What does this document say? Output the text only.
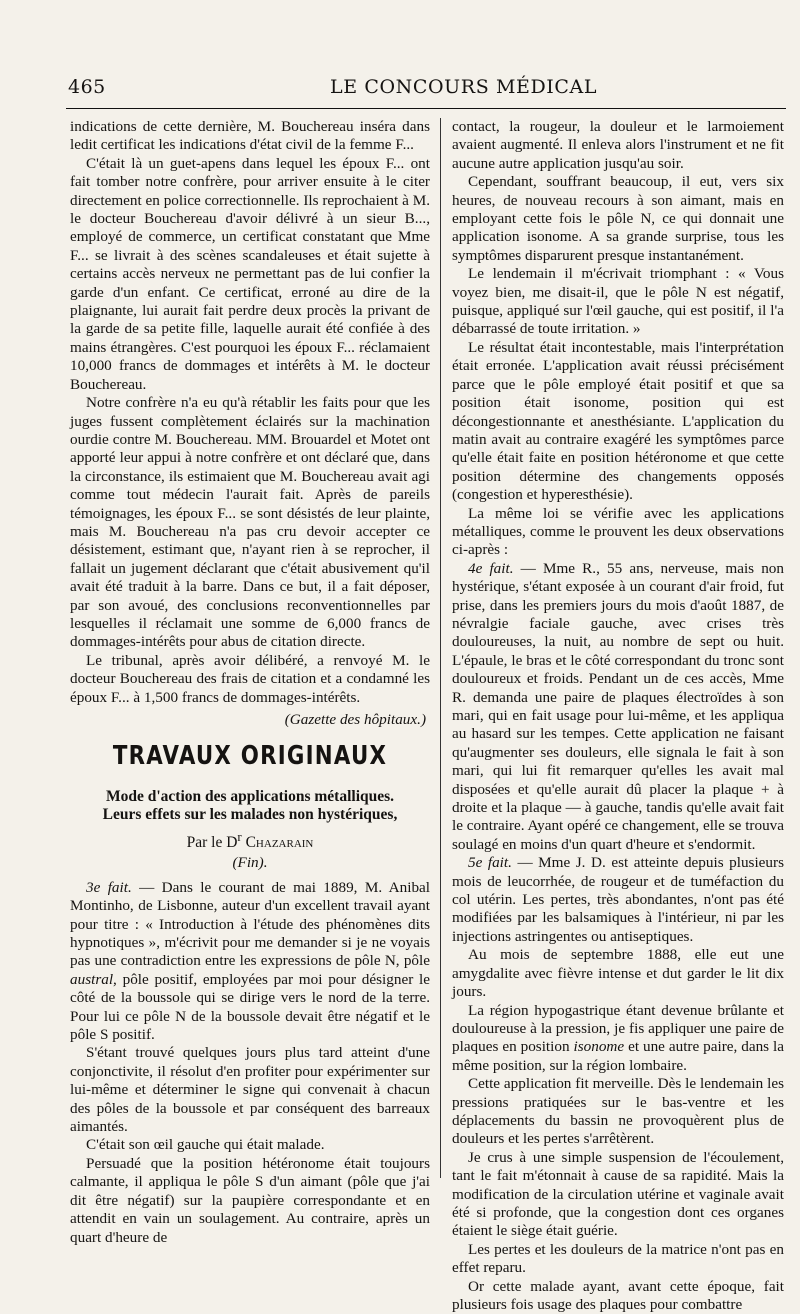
465	LE CONCOURS MÉDICAL

indications de cette dernière, M. Bouchereau inséra dans ledit certificat les indications d'état civil de la femme F...

C'était là un guet-apens dans lequel les époux F... ont fait tomber notre confrère, pour arriver ensuite à le citer directement en police correctionnelle. Ils reprochaient à M. le docteur Bouchereau d'avoir délivré à un sieur B..., employé de commerce, un certificat constatant que Mme F... se livrait à des scènes scandaleuses et était sujette à certains accès nerveux ne permettant pas de lui confier la garde d'un enfant. Ce certificat, erroné au dire de la plaignante, lui aurait fait perdre deux procès la privant de la garde de sa petite fille, laquelle aurait été confiée à des mains étrangères. C'est pourquoi les époux F... réclamaient 10,000 francs de dommages et intérêts à M. le docteur Bouchereau.

Notre confrère n'a eu qu'à rétablir les faits pour que les juges fussent complètement éclairés sur la machination ourdie contre M. Bouchereau. MM. Brouardel et Motet ont apporté leur appui à notre confrère et ont déclaré que, dans la circonstance, ils estimaient que M. Bouchereau avait agi comme tout médecin l'aurait fait. Après de pareils témoignages, les époux F... se sont désistés de leur plainte, mais M. Bouchereau n'a pas cru devoir accepter ce désistement, estimant que, n'ayant rien à se reprocher, il fallait un jugement déclarant que c'était abusivement qu'il avait été traduit à la barre. Dans ce but, il a fait déposer, par son avoué, des conclusions reconventionnelles par lesquelles il réclamait une somme de 6,000 francs de dommages-intérêts pour abus de citation directe.

Le tribunal, après avoir délibéré, a renvoyé M. le docteur Bouchereau des frais de citation et a condamné les époux F... à 1,500 francs de dommages-intérêts.

(Gazette des hôpitaux.)
TRAVAUX ORIGINAUX
Mode d'action des applications métalliques.
Leurs effets sur les malades non hystériques,
Par le $D^r$ Chazarain
(Fin).

3e fait. — Dans le courant de mai 1889, M. Anibal Montinho, de Lisbonne, auteur d'un excellent travail ayant pour titre : « Introduction à l'étude des phénomènes dits hypnotiques », m'écrivit pour me demander si je ne voyais pas une contradiction entre les expressions de pôle N, pôle austral, pôle positif, employées par moi pour désigner le côté de la boussole qui se dirige vers le nord de la terre. Pour lui ce pôle N de la boussole devait être négatif et le pôle S positif.

S'étant trouvé quelques jours plus tard atteint d'une conjonctivite, il résolut d'en profiter pour expérimenter sur lui-même et déterminer le signe qui convenait à chacun des pôles de la boussole et par conséquent des barreaux aimantés.

C'était son œil gauche qui était malade.

Persuadé que la position hétéronome était toujours calmante, il appliqua le pôle S d'un aimant (pôle que j'ai dit être négatif) sur la paupière correspondante et en attendit en vain un soulagement. Au contraire, après un quart d'heure de

contact, la rougeur, la douleur et le larmoiement avaient augmenté. Il enleva alors l'instrument et ne fit aucune autre application jusqu'au soir.

Cependant, souffrant beaucoup, il eut, vers six heures, de nouveau recours à son aimant, mais en employant cette fois le pôle N, ce qui donnait une application isonome. A sa grande surprise, tous les symptômes disparurent presque instantanément.

Le lendemain il m'écrivait triomphant : « Vous voyez bien, me disait-il, que le pôle N est négatif, puisque, appliqué sur l'œil gauche, qui est positif, il l'a débarrassé de toute irritation. »

Le résultat était incontestable, mais l'interprétation était erronée. L'application avait réussi précisément parce que le pôle employé était positif et que sa position était isonome, position qui est décongestionnante et anesthésiante. L'application du matin avait au contraire exagéré les symptômes parce qu'elle était faite en position hétéronome et que cette position détermine des changements opposés (congestion et hyperesthésie).

La même loi se vérifie avec les applications métalliques, comme le prouvent les deux observations ci-après :

4e fait. — Mme R., 55 ans, nerveuse, mais non hystérique, s'étant exposée à un courant d'air froid, fut prise, dans les premiers jours du mois d'août 1887, de névralgie faciale gauche, avec crises très douloureuses, la nuit, au nombre de sept ou huit. L'épaule, le bras et le côté correspondant du tronc sont douloureux et froids. Pendant un de ces accès, Mme R. demanda une paire de plaques électroïdes à son mari, qui en fait usage pour lui-même, et les appliqua au hasard sur les tempes. Cette application ne faisant qu'augmenter ses douleurs, elle signala le fait à son mari, qui lui fit remarquer qu'elles les avait mal disposées et qu'elle aurait dû placer la plaque + à droite et la plaque — à gauche, tandis qu'elle avait fait le contraire. Ayant opéré ce changement, elle se trouva soulagé en moins d'un quart d'heure et s'endormit.

5e fait. — Mme J. D. est atteinte depuis plusieurs mois de leucorrhée, de rougeur et de tuméfaction du col utérin. Les pertes, très abondantes, n'ont pas été modifiées par les balsamiques à l'intérieur, ni par les injections astringentes ou antiseptiques.

Au mois de septembre 1888, elle eut une amygdalite avec fièvre intense et dut garder le lit dix jours.

La région hypogastrique étant devenue brûlante et douloureuse à la pression, je fis appliquer une paire de plaques en position isonome et une autre paire, dans la même position, sur la région lombaire.

Cette application fit merveille. Dès le lendemain les pressions pratiquées sur le bas-ventre et les déplacements du bassin ne provoquèrent plus de douleurs et les pertes s'arrêtèrent.

Je crus à une simple suspension de l'écoulement, tant le fait m'étonnait à cause de sa rapidité. Mais la modification de la circulation utérine et vaginale avait été si profonde, que la congestion dont ces organes étaient le siège était guérie.

Les pertes et les douleurs de la matrice n'ont pas en effet reparu.

Or cette malade ayant, avant cette époque, fait plusieurs fois usage des plaques pour combattre
